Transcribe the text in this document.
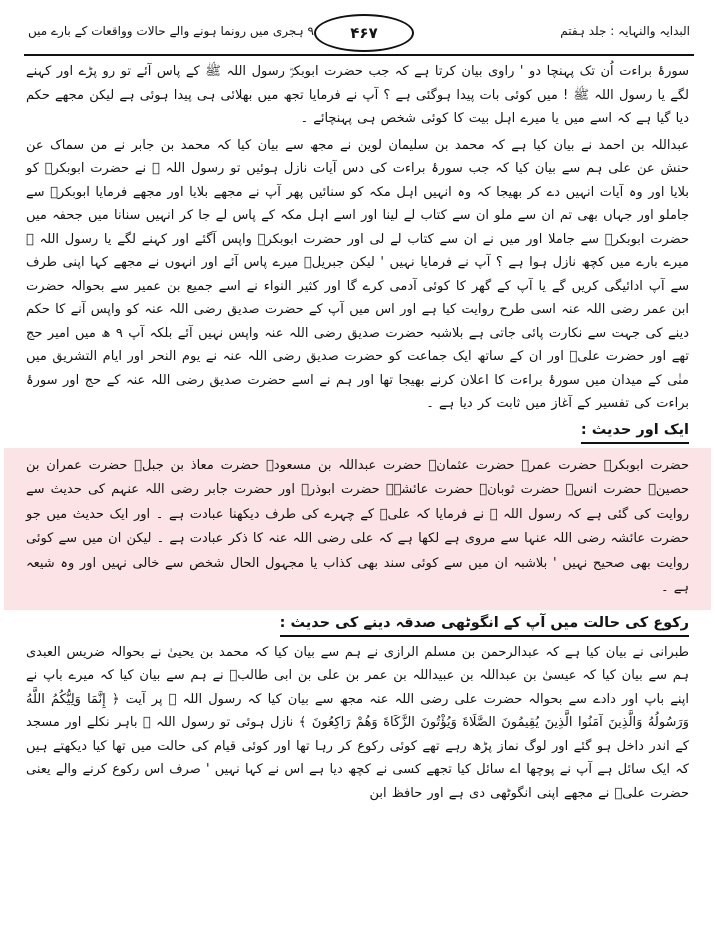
البدایہ والنہایہ : جلد ہفتم
۹ ہجری میں رونما ہونے والے حالات وواقعات کے بارے میں	۴۶۷

سورۂ براءت اُن تک پہنچا دو ' راوی بیان کرتا ہے کہ جب حضرت ابوبکرؓ رسول اللہ ﷺ کے پاس آئے تو رو پڑے اور کہنے لگے یا رسول اللہ ﷺ ! میں کوئی بات پیدا ہوگئی ہے ؟ آپ نے فرمایا تجھ میں بھلائی ہی پیدا ہوئی ہے لیکن مجھے حکم دیا گیا ہے کہ اسے میں یا میرے اہل بیت کا کوئی شخص ہی پہنچائے ۔

عبداللہ بن احمد نے بیان کیا ہے کہ محمد بن سلیمان لوین نے مجھ سے بیان کیا کہ محمد بن جابر نے من سماک عن حنش عن علی ہم سے بیان کیا کہ جب سورۂ براءت کی دس آیات نازل ہوئیں تو رسول اللہ ﷺ نے حضرت ابوبکرؓ کو بلایا اور وہ آیات انہیں دے کر بھیجا کہ وہ انہیں اہل مکہ کو سنائیں پھر آپ نے مجھے بلایا اور مجھے فرمایا ابوبکرؓ سے جاملو اور جہاں بھی تم ان سے ملو ان سے کتاب لے لینا اور اسے اہل مکہ کے پاس لے جا کر انہیں سنانا میں جحفہ میں حضرت ابوبکرؓ سے جاملا اور میں نے ان سے کتاب لے لی اور حضرت ابوبکرؓ واپس آگئے اور کہنے لگے یا رسول اللہ ﷺ میرے بارے میں کچھ نازل ہوا ہے ؟ آپ نے فرمایا نہیں ' لیکن جبریلؑ میرے پاس آئے اور انہوں نے مجھے کہا اپنی طرف سے آپ ادائیگی کریں گے یا آپ کے گھر کا کوئی آدمی کرے گا اور کثیر النواء نے اسے جمیع بن عمیر سے بحوالہ حضرت ابن عمر رضی اللہ عنہ اسی طرح روایت کیا ہے اور اس میں آپ کے حضرت صدیق رضی اللہ عنہ کو واپس آنے کا حکم دینے کی جہت سے نکارت پائی جاتی ہے بلاشبہ حضرت صدیق رضی اللہ عنہ واپس نہیں آئے بلکہ آپ ۹ ھ میں امیر حج تھے اور حضرت علیؓ اور ان کے ساتھ ایک جماعت کو حضرت صدیق رضی اللہ عنہ نے یوم النحر اور ایام التشریق میں منٰی کے میدان میں سورۂ براءت کا اعلان کرنے بھیجا تھا اور ہم نے اسے حضرت صدیق رضی اللہ عنہ کے حج اور سورۂ براءت کی تفسیر کے آغاز میں ثابت کر دیا ہے ۔

ایک اور حدیث :

حضرت ابوبکرؓ حضرت عمرؓ حضرت عثمانؓ حضرت عبداللہ بن مسعودؓ حضرت معاذ بن جبلؓ حضرت عمران بن حصینؓ حضرت انسؓ حضرت ثوبانؓ حضرت عائشہؓ حضرت ابوذرؓ اور حضرت جابر رضی اللہ عنہم کی حدیث سے روایت کی گئی ہے کہ رسول اللہ ﷺ نے فرمایا کہ علیؓ کے چہرے کی طرف دیکھنا عبادت ہے ۔ اور ایک حدیث میں جو حضرت عائشہ رضی اللہ عنہا سے مروی ہے لکھا ہے کہ علی رضی اللہ عنہ کا ذکر عبادت ہے ۔ لیکن ان میں سے کوئی روایت بھی صحیح نہیں ' بلاشبہ ان میں سے کوئی سند بھی کذاب یا مجہول الحال شخص سے خالی نہیں اور وہ شیعہ ہے ۔

رکوع کی حالت میں آپ کے انگوٹھی صدقہ دینے کی حدیث :

طبرانی نے بیان کیا ہے کہ عبدالرحمن بن مسلم الرازی نے ہم سے بیان کیا کہ محمد بن یحییٰ نے بحوالہ ضریس العبدی ہم سے بیان کیا کہ عیسیٰ بن عبداللہ بن عبیداللہ بن عمر بن علی بن ابی طالبؑ نے ہم سے بیان کیا کہ میرے باپ نے اپنے باپ اور دادے سے بحوالہ حضرت علی رضی اللہ عنہ مجھ سے بیان کیا کہ رسول اللہ ﷺ پر آیت ﴿ إِنَّمَا وَلِيُّكُمُ اللَّهُ وَرَسُولُهُ وَالَّذِينَ آمَنُوا الَّذِينَ يُقِيمُونَ الصَّلَاةَ وَيُؤْتُونَ الزَّكَاةَ وَهُمْ رَاكِعُونَ ﴾ نازل ہوئی تو رسول اللہ ﷺ باہر نکلے اور مسجد کے اندر داخل ہو گئے اور لوگ نماز پڑھ رہے تھے کوئی رکوع کر رہا تھا اور کوئی قیام کی حالت میں تھا کیا دیکھتے ہیں کہ ایک سائل ہے آپ نے پوچھا اے سائل کیا تجھے کسی نے کچھ دیا ہے اس نے کہا نہیں ' صرف اس رکوع کرنے والے یعنی حضرت علیؓ نے مجھے اپنی انگوٹھی دی ہے اور حافظ ابن
